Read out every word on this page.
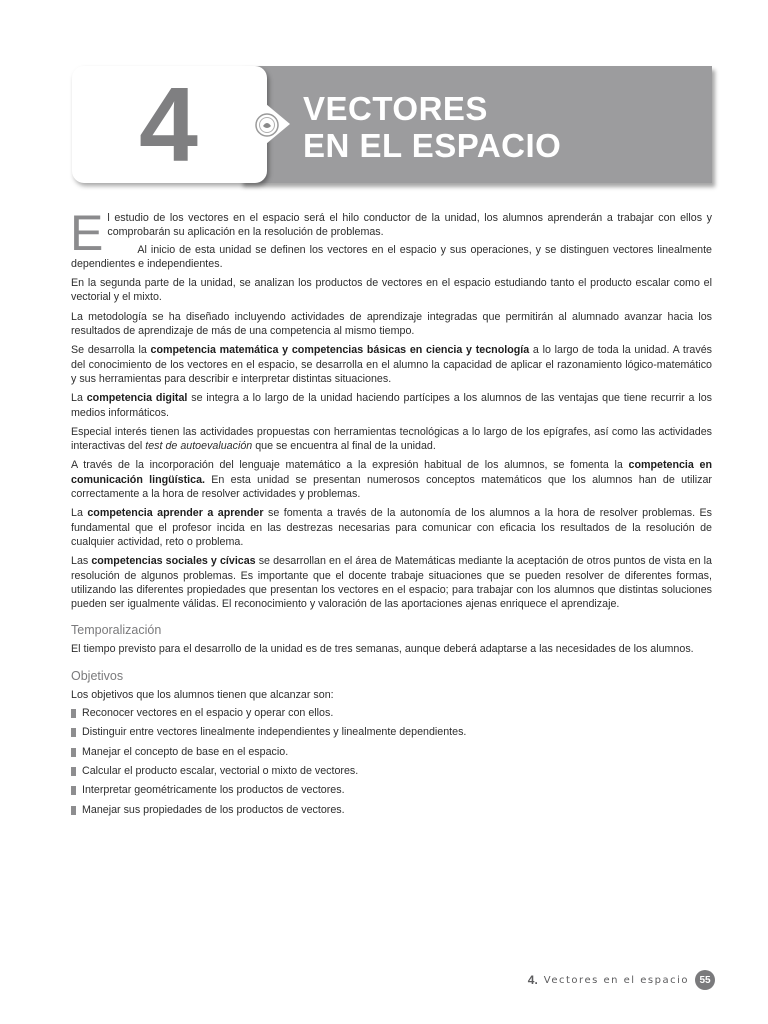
4	VECTORES
EN EL ESPACIO

El estudio de los vectores en el espacio será el hilo conductor de la unidad, los alumnos aprenderán a trabajar con ellos y comprobarán su aplicación en la resolución de problemas.

Al inicio de esta unidad se definen los vectores en el espacio y sus operaciones, y se distinguen vectores linealmente dependientes e independientes.

En la segunda parte de la unidad, se analizan los productos de vectores en el espacio estudiando tanto el producto escalar como el vectorial y el mixto.

La metodología se ha diseñado incluyendo actividades de aprendizaje integradas que permitirán al alumnado avanzar hacia los resultados de aprendizaje de más de una competencia al mismo tiempo.

Se desarrolla la competencia matemática y competencias básicas en ciencia y tecnología a lo largo de toda la unidad. A través del conocimiento de los vectores en el espacio, se desarrolla en el alumno la capacidad de aplicar el razonamiento lógico-matemático y sus herramientas para describir e interpretar distintas situaciones.

La competencia digital se integra a lo largo de la unidad haciendo partícipes a los alumnos de las ventajas que tiene recurrir a los medios informáticos.

Especial interés tienen las actividades propuestas con herramientas tecnológicas a lo largo de los epígrafes, así como las actividades interactivas del test de autoevaluación que se encuentra al final de la unidad.

A través de la incorporación del lenguaje matemático a la expresión habitual de los alumnos, se fomenta la competencia en comunicación lingüística. En esta unidad se presentan numerosos conceptos matemáticos que los alumnos han de utilizar correctamente a la hora de resolver actividades y problemas.

La competencia aprender a aprender se fomenta a través de la autonomía de los alumnos a la hora de resolver problemas. Es fundamental que el profesor incida en las destrezas necesarias para comunicar con eficacia los resultados de la resolución de cualquier actividad, reto o problema.

Las competencias sociales y cívicas se desarrollan en el área de Matemáticas mediante la aceptación de otros puntos de vista en la resolución de algunos problemas. Es importante que el docente trabaje situaciones que se pueden resolver de diferentes formas, utilizando las diferentes propiedades que presentan los vectores en el espacio; para trabajar con los alumnos que distintas soluciones pueden ser igualmente válidas. El reconocimiento y valoración de las aportaciones ajenas enriquece el aprendizaje.

Temporalización

El tiempo previsto para el desarrollo de la unidad es de tres semanas, aunque deberá adaptarse a las necesidades de los alumnos.

Objetivos

Los objetivos que los alumnos tienen que alcanzar son:

Reconocer vectores en el espacio y operar con ellos.
Distinguir entre vectores linealmente independientes y linealmente dependientes.
Manejar el concepto de base en el espacio.
Calcular el producto escalar, vectorial o mixto de vectores.
Interpretar geométricamente los productos de vectores.
Manejar sus propiedades de los productos de vectores.
4. Vectores en el espacio	55
